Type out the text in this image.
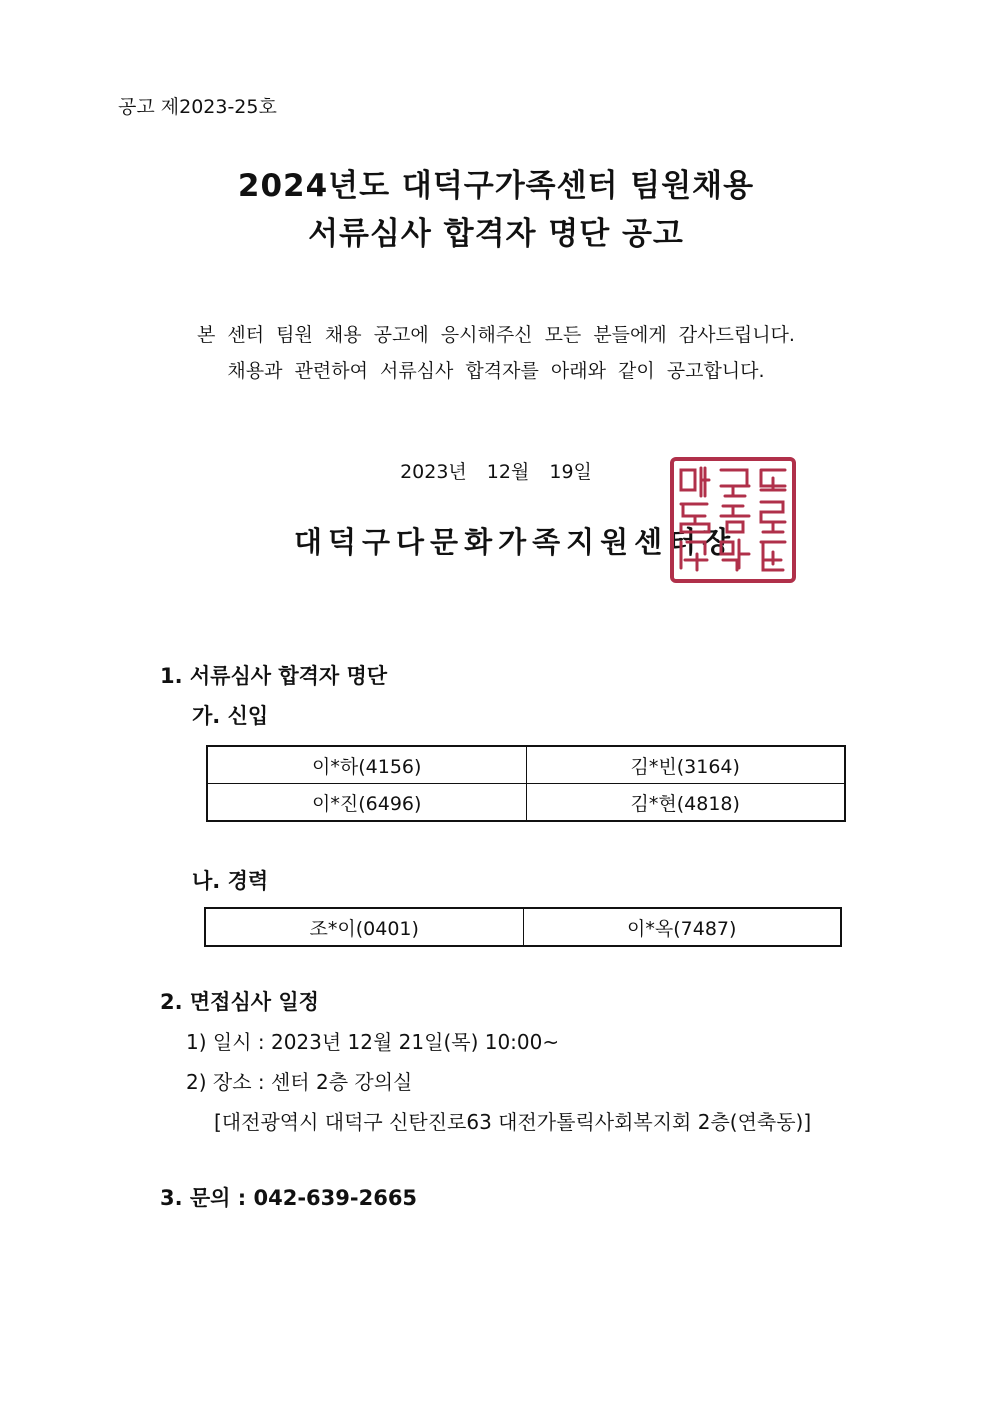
공고 제2023-25호
2024년도 대덕구가족센터 팀원채용
서류심사 합격자 명단 공고
본 센터 팀원 채용 공고에 응시해주신 모든 분들에게 감사드립니다.
채용과 관련하여 서류심사 합격자를 아래와 같이 공고합니다.
2023년 12월 19일
대덕구다문화가족지원센터장
1. 서류심사 합격자 명단
가. 신입
이*하(4156)	김*빈(3164)
이*진(6496)	김*현(4818)
나. 경력
조*이(0401)	이*옥(7487)
2. 면접심사 일정
1) 일시 : 2023년 12월 21일(목) 10:00~
2) 장소 : 센터 2층 강의실
[대전광역시 대덕구 신탄진로63 대전가톨릭사회복지회 2층(연축동)]
3. 문의 : 042-639-2665
